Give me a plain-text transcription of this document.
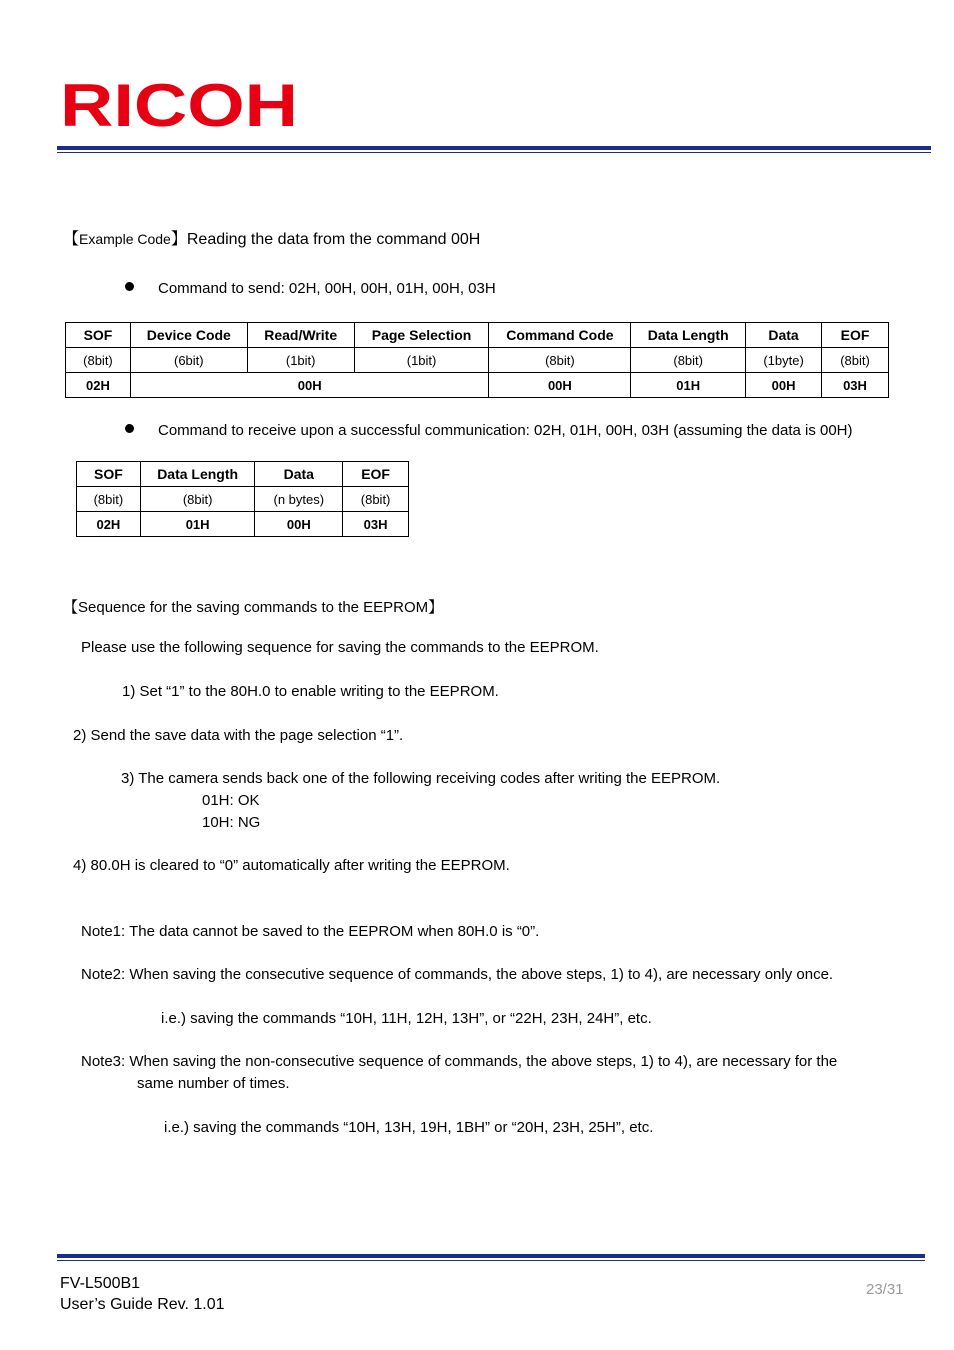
RICOH
【Example Code】Reading the data from the command 00H
Command to send: 02H, 00H, 00H, 01H, 00H, 03H
SOF	Device Code	Read/Write	Page Selection	Command Code	Data Length	Data	EOF
(8bit)	(6bit)	(1bit)	(1bit)	(8bit)	(8bit)	(1byte)	(8bit)
02H	00H			00H	01H	00H	03H
Command to receive upon a successful communication: 02H, 01H, 00H, 03H (assuming the data is 00H)
SOF	Data Length	Data	EOF
(8bit)	(8bit)	(n bytes)	(8bit)
02H	01H	00H	03H
【Sequence for the saving commands to the EEPROM】
Please use the following sequence for saving the commands to the EEPROM.
1) Set “1” to the 80H.0 to enable writing to the EEPROM.
2) Send the save data with the page selection “1”.
3) The camera sends back one of the following receiving codes after writing the EEPROM.
01H: OK
10H: NG
4) 80.0H is cleared to “0” automatically after writing the EEPROM.
Note1: The data cannot be saved to the EEPROM when 80H.0 is “0”.
Note2: When saving the consecutive sequence of commands, the above steps, 1) to 4), are necessary only once.
i.e.) saving the commands “10H, 11H, 12H, 13H”, or “22H, 23H, 24H”, etc.
Note3: When saving the non-consecutive sequence of commands, the above steps, 1) to 4), are necessary for the
same number of times.
i.e.) saving the commands “10H, 13H, 19H, 1BH” or “20H, 23H, 25H”, etc.
FV-L500B1
User’s Guide Rev. 1.01
23/31
